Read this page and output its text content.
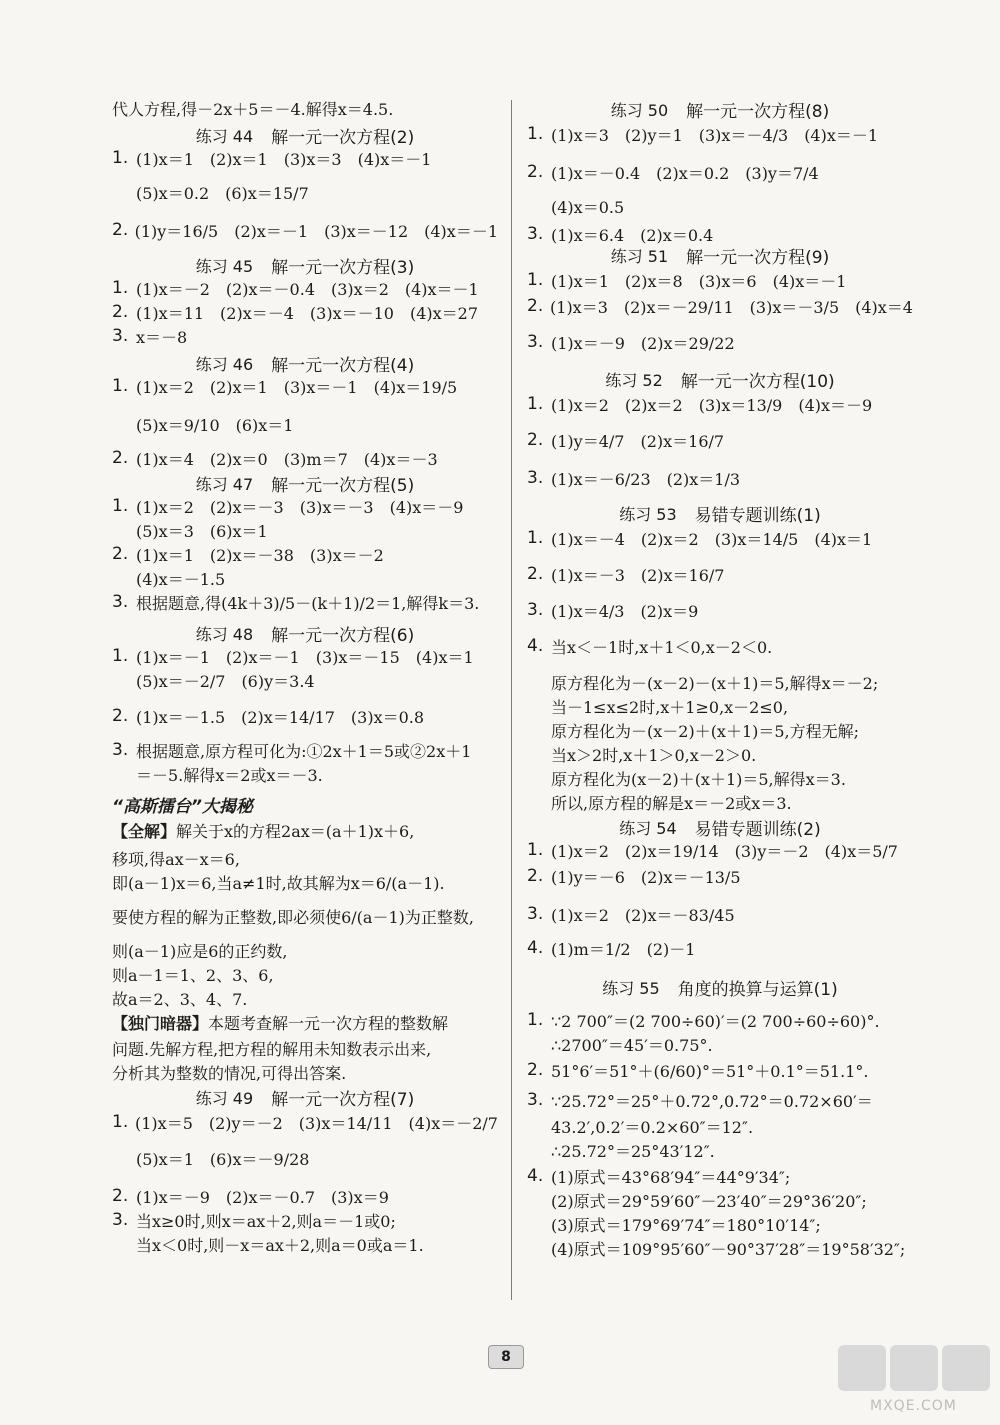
代人方程,得－2x＋5＝－4.解得x＝4.5.
练习 44 解一元一次方程(2)
1. (1)x＝1　(2)x＝1　(3)x＝3　(4)x＝－1
(5)x＝0.2　(6)x＝15/7
2. (1)y＝16/5　(2)x＝－1　(3)x＝－12　(4)x＝－1
练习 45 解一元一次方程(3)
1. (1)x＝－2　(2)x＝－0.4　(3)x＝2　(4)x＝－1
2. (1)x＝11　(2)x＝－4　(3)x＝－10　(4)x＝27
3. x＝－8
练习 46 解一元一次方程(4)
1. (1)x＝2　(2)x＝1　(3)x＝－1　(4)x＝19/5
(5)x＝9/10　(6)x＝1
2. (1)x＝4　(2)x＝0　(3)m＝7　(4)x＝－3
练习 47 解一元一次方程(5)
1. (1)x＝2　(2)x＝－3　(3)x＝－3　(4)x＝－9
(5)x＝3　(6)x＝1
2. (1)x＝1　(2)x＝－38　(3)x＝－2
(4)x＝－1.5
3. 根据题意,得(4k＋3)/5－(k＋1)/2＝1,解得k＝3.
练习 48 解一元一次方程(6)
1. (1)x＝－1　(2)x＝－1　(3)x＝－15　(4)x＝1
(5)x＝－2/7　(6)y＝3.4
2. (1)x＝－1.5　(2)x＝14/17　(3)x＝0.8
3. 根据题意,原方程可化为:①2x＋1＝5或②2x＋1
＝－5.解得x＝2或x＝－3.
“高斯擂台”大揭秘
【全解】 解关于x的方程2ax＝(a＋1)x＋6,
移项,得ax－x＝6,
即(a－1)x＝6,当a≠1时,故其解为x＝6/(a－1).
要使方程的解为正整数,即必须使6/(a－1)为正整数,
则(a－1)应是6的正约数,
则a－1＝1、2、3、6,
故a＝2、3、4、7.
【独门暗器】 本题考查解一元一次方程的整数解
问题.先解方程,把方程的解用未知数表示出来,
分析其为整数的情况,可得出答案.
练习 49 解一元一次方程(7)
1. (1)x＝5　(2)y＝－2　(3)x＝14/11　(4)x＝－2/7
(5)x＝1　(6)x＝－9/28
2. (1)x＝－9　(2)x＝－0.7　(3)x＝9
3. 当x≥0时,则x＝ax＋2,则a＝－1或0;
当x＜0时,则－x＝ax＋2,则a＝0或a＝1.
练习 50 解一元一次方程(8)
1. (1)x＝3　(2)y＝1　(3)x＝－4/3　(4)x＝－1
2. (1)x＝－0.4　(2)x＝0.2　(3)y＝7/4
(4)x＝0.5
3. (1)x＝6.4　(2)x＝0.4
练习 51 解一元一次方程(9)
1. (1)x＝1　(2)x＝8　(3)x＝6　(4)x＝－1
2. (1)x＝3　(2)x＝－29/11　(3)x＝－3/5　(4)x＝4
3. (1)x＝－9　(2)x＝29/22
练习 52 解一元一次方程(10)
1. (1)x＝2　(2)x＝2　(3)x＝13/9　(4)x＝－9
2. (1)y＝4/7　(2)x＝16/7
3. (1)x＝－6/23　(2)x＝1/3
练习 53 易错专题训练(1)
1. (1)x＝－4　(2)x＝2　(3)x＝14/5　(4)x＝1
2. (1)x＝－3　(2)x＝16/7
3. (1)x＝4/3　(2)x＝9
4. 当x＜－1时,x＋1＜0,x－2＜0.
原方程化为－(x－2)－(x＋1)＝5,解得x＝－2;
当－1≤x≤2时,x＋1≥0,x－2≤0,
原方程化为－(x－2)＋(x＋1)＝5,方程无解;
当x＞2时,x＋1＞0,x－2＞0.
原方程化为(x－2)＋(x＋1)＝5,解得x＝3.
所以,原方程的解是x＝－2或x＝3.
练习 54 易错专题训练(2)
1. (1)x＝2　(2)x＝19/14　(3)y＝－2　(4)x＝5/7
2. (1)y＝－6　(2)x＝－13/5
3. (1)x＝2　(2)x＝－83/45
4. (1)m＝1/2　(2)－1
练习 55 角度的换算与运算(1)
1. ∵2 700″＝(2 700÷60)′＝(2 700÷60÷60)°.
∴2700″＝45′＝0.75°.
2. 51°6′＝51°＋(6/60)°＝51°＋0.1°＝51.1°.
3. ∵25.72°＝25°＋0.72°,0.72°＝0.72×60′＝
43.2′,0.2′＝0.2×60″＝12″.
∴25.72°＝25°43′12″.
4. (1)原式＝43°68′94″＝44°9′34″;
(2)原式＝29°59′60″－23′40″＝29°36′20″;
(3)原式＝179°69′74″＝180°10′14″;
(4)原式＝109°95′60″－90°37′28″＝19°58′32″;
8
MXQE.COM
